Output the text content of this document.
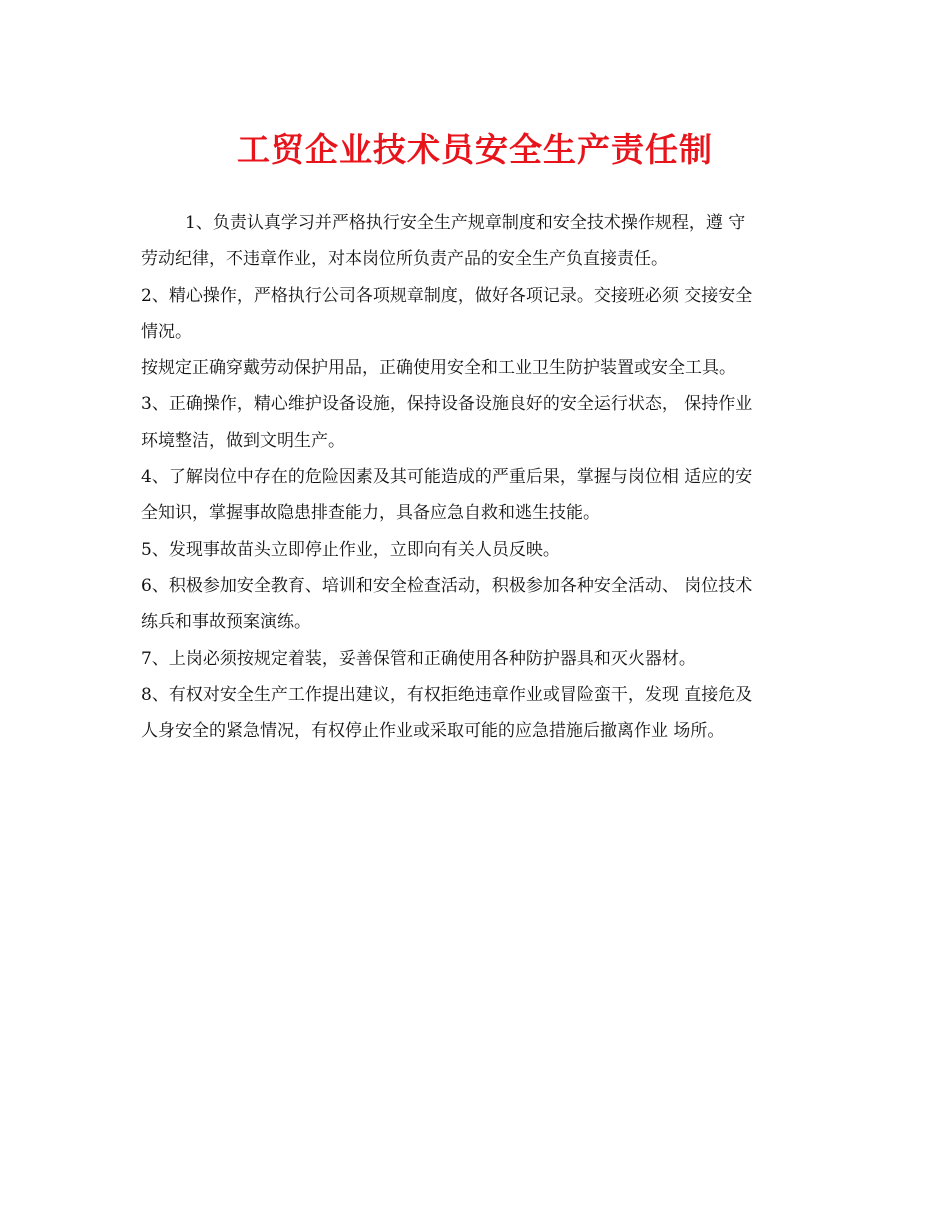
工贸企业技术员安全生产责任制
1、负责认真学习并严格执行安全生产规章制度和安全技术操作规程，遵 守
劳动纪律，不违章作业，对本岗位所负责产品的安全生产负直接责任。
2、精心操作，严格执行公司各项规章制度，做好各项记录。交接班必须 交接安全
情况。
按规定正确穿戴劳动保护用品，正确使用安全和工业卫生防护装置或安全工具。
3、正确操作，精心维护设备设施，保持设备设施良好的安全运行状态， 保持作业
环境整洁，做到文明生产。
4、了解岗位中存在的危险因素及其可能造成的严重后果，掌握与岗位相 适应的安
全知识，掌握事故隐患排查能力，具备应急自救和逃生技能。
5、发现事故苗头立即停止作业，立即向有关人员反映。
6、积极参加安全教育、培训和安全检查活动，积极参加各种安全活动、 岗位技术
练兵和事故预案演练。
7、上岗必须按规定着装，妥善保管和正确使用各种防护器具和灭火器材。
8、有权对安全生产工作提出建议，有权拒绝违章作业或冒险蛮干，发现 直接危及
人身安全的紧急情况，有权停止作业或采取可能的应急措施后撤离作业 场所。
